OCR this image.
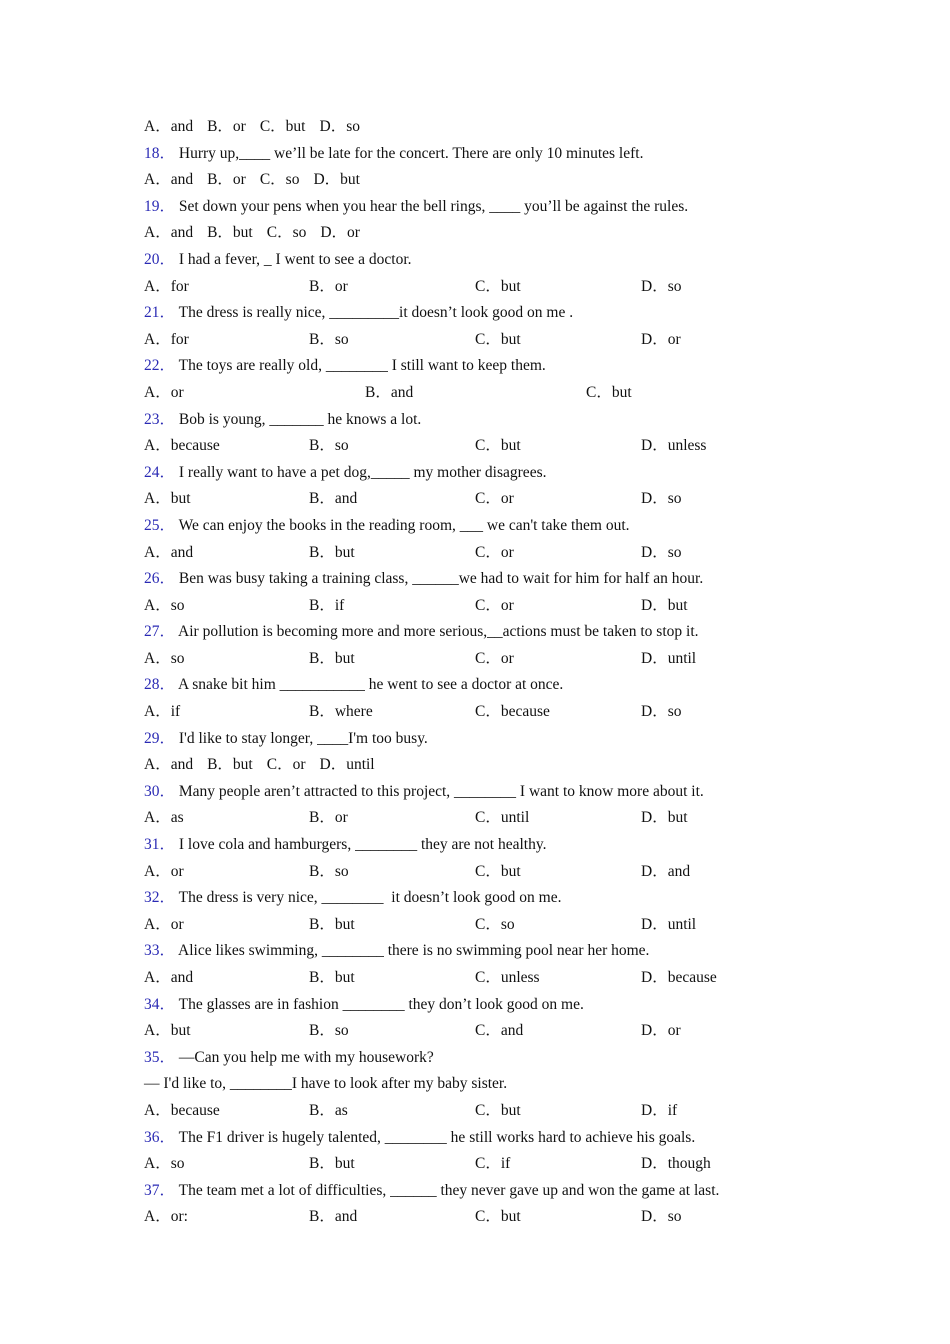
A．and B．or C．but D．so
18． Hurry up,____ we’ll be late for the concert. There are only 10 minutes left.
A．and B．or C．so D．but
19． Set down your pens when you hear the bell rings, ____ you’ll be against the rules.
A．and B．but C．so D．or
20． I had a fever, _ I went to see a doctor.
A．for	B．or	C．but	D．so
21． The dress is really nice, _________it doesn’t look good on me .
A．for	B．so	C．but	D．or
22． The toys are really old, ________ I still want to keep them.
A．or	B．and	C．but
23． Bob is young, _______ he knows a lot.
A．because	B．so	C．but	D．unless
24． I really want to have a pet dog,_____ my mother disagrees.
A．but	B．and	C．or	D．so
25． We can enjoy the books in the reading room, ___ we can't take them out.
A．and	B．but	C．or	D．so
26． Ben was busy taking a training class, ______we had to wait for him for half an hour.
A．so	B．if	C．or	D．but
27． Air pollution is becoming more and more serious,__actions must be taken to stop it.
A．so	B．but	C．or	D．until
28． A snake bit him ___________ he went to see a doctor at once.
A．if	B．where	C．because	D．so
29． I'd like to stay longer, ____I'm too busy.
A．and B．but C．or D．until
30． Many people aren’t attracted to this project, ________ I want to know more about it.
A．as	B．or	C．until	D．but
31． I love cola and hamburgers, ________ they are not healthy.
A．or	B．so	C．but	D．and
32． The dress is very nice, ________  it doesn’t look good on me.
A．or	B．but	C．so	D．until
33． Alice likes swimming, ________ there is no swimming pool near her home.
A．and	B．but	C．unless	D．because
34． The glasses are in fashion ________ they don’t look good on me.
A．but	B．so	C．and	D．or
35． —Can you help me with my housework?
— I'd like to, ________I have to look after my baby sister.
A．because	B．as	C．but	D．if
36． The F1 driver is hugely talented, ________ he still works hard to achieve his goals.
A．so	B．but	C．if	D．though
37． The team met a lot of difficulties, ______ they never gave up and won the game at last.
A．or:	B．and	C．but	D．so
